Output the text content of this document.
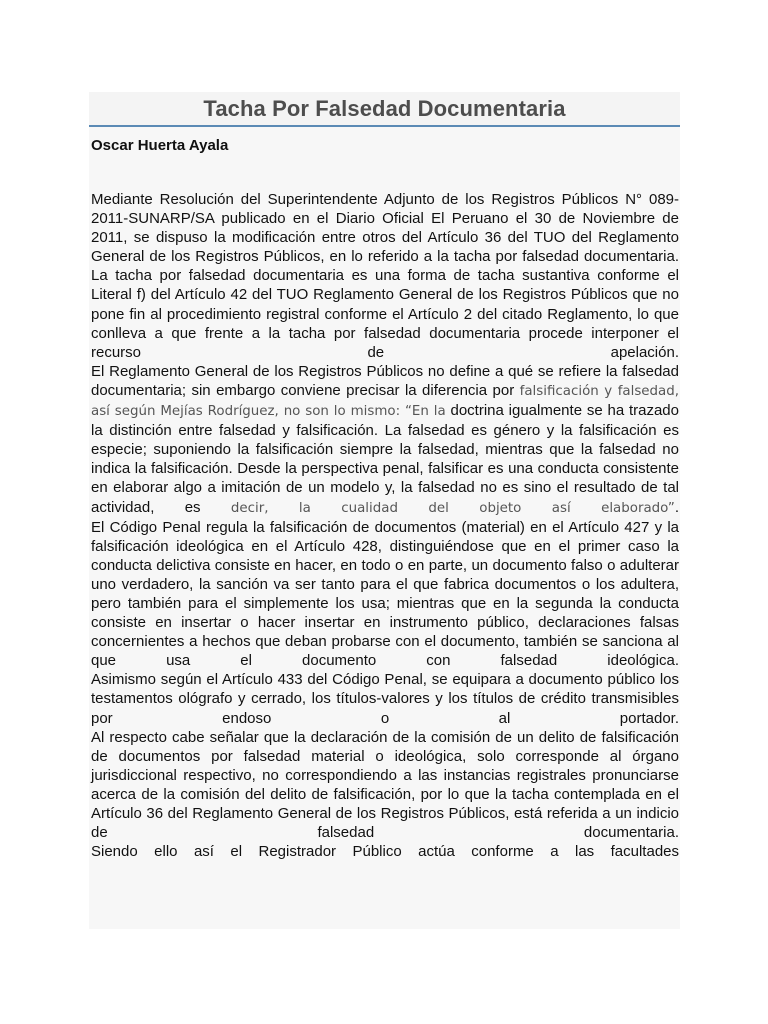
Tacha Por Falsedad Documentaria

Oscar Huerta Ayala

Mediante Resolución del Superintendente Adjunto de los Registros Públicos N° 089-2011-SUNARP/SA publicado en el Diario Oficial El Peruano el 30 de Noviembre de 2011, se dispuso la modificación entre otros del Artículo 36 del TUO del Reglamento General de los Registros Públicos, en lo referido a la tacha por falsedad documentaria.

La tacha por falsedad documentaria es una forma de tacha sustantiva conforme el Literal f) del Artículo 42 del TUO Reglamento General de los Registros Públicos que no pone fin al procedimiento registral conforme el Artículo 2 del citado Reglamento, lo que conlleva a que frente a la tacha por falsedad documentaria procede interponer el recurso de apelación.

El Reglamento General de los Registros Públicos no define a qué se refiere la falsedad documentaria; sin embargo conviene precisar la diferencia por falsificación y falsedad, así según Mejías Rodríguez, no son lo mismo: “En la doctrina igualmente se ha trazado la distinción entre falsedad y falsificación. La falsedad es género y la falsificación es especie; suponiendo la falsificación siempre la falsedad, mientras que la falsedad no indica la falsificación. Desde la perspectiva penal, falsificar es una conducta consistente en elaborar algo a imitación de un modelo y, la falsedad no es sino el resultado de tal actividad, es decir, la cualidad del objeto así elaborado”.

El Código Penal regula la falsificación de documentos (material) en el Artículo 427 y la falsificación ideológica en el Artículo 428, distinguiéndose que en el primer caso la conducta delictiva consiste en hacer, en todo o en parte, un documento falso o adulterar uno verdadero, la sanción va ser tanto para el que fabrica documentos o los adultera, pero también para el simplemente los usa; mientras que en la segunda la conducta consiste en insertar o hacer insertar en instrumento público, declaraciones falsas concernientes a hechos que deban probarse con el documento, también se sanciona al que usa el documento con falsedad ideológica.

Asimismo según el Artículo 433 del Código Penal, se equipara a documento público los testamentos ológrafo y cerrado, los títulos-valores y los títulos de crédito transmisibles por endoso o al portador.

Al respecto cabe señalar que la declaración de la comisión de un delito de falsificación de documentos por falsedad material o ideológica, solo corresponde al órgano jurisdiccional respectivo, no correspondiendo a las instancias registrales pronunciarse acerca de la comisión del delito de falsificación, por lo que la tacha contemplada en el Artículo 36 del Reglamento General de los Registros Públicos, está referida a un indicio de falsedad documentaria.

Siendo ello así el Registrador Público actúa conforme a las facultades
